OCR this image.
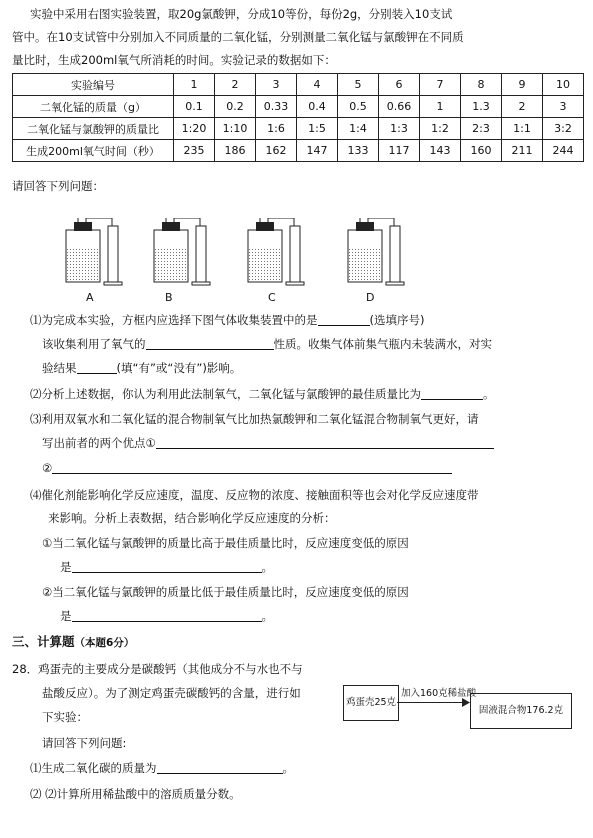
实验中采用右图实验装置，取20g氯酸钾，分成10等份，每份2g，分别装入10支试
管中。在10支试管中分别加入不同质量的二氧化锰，分别测量二氧化锰与氯酸钾在不同质
量比时，生成200ml氧气所消耗的时间。实验记录的数据如下：
实验编号	1	2	3	4	5	6	7	8	9	10
二氧化锰的质量（g）	0.1	0.2	0.33	0.4	0.5	0.66	1	1.3	2	3
二氧化锰与氯酸钾的质量比	1:20	1:10	1:6	1:5	1:4	1:3	1:2	2:3	1:1	3:2
生成200ml氧气时间（秒）	235	186	162	147	133	117	143	160	211	244
请回答下列问题：
A	B	C	D
⑴为完成本实验，方框内应选择下图气体收集装置中的是	(选填序号)
该收集利用了氧气的	性质。收集气体前集气瓶内未装满水，对实
验结果	(填“有”或“没有”)影响。
⑵分析上述数据，你认为利用此法制氧气，二氧化锰与氯酸钾的最佳质量比为	。
⑶利用双氧水和二氧化锰的混合物制氧气比加热氯酸钾和二氧化锰混合物制氧气更好，请
写出前者的两个优点①
②
⑷催化剂能影响化学反应速度，温度、反应物的浓度、接触面积等也会对化学反应速度带
来影响。分析上表数据，结合影响化学反应速度的分析：
①当二氧化锰与氯酸钾的质量比高于最佳质量比时，反应速度变低的原因
是	。
②当二氧化锰与氯酸钾的质量比低于最佳质量比时，反应速度变低的原因
是	。
三、计算题（本题6分）
28．鸡蛋壳的主要成分是碳酸钙（其他成分不与水也不与
盐酸反应）。为了测定鸡蛋壳碳酸钙的含量，进行如
下实验：
请回答下列问题:
⑴生成二氧化碳的质量为	。
⑵ ⑵计算所用稀盐酸中的溶质质量分数。
鸡蛋壳25克
加入160克稀盐酸
固液混合物176.2克
